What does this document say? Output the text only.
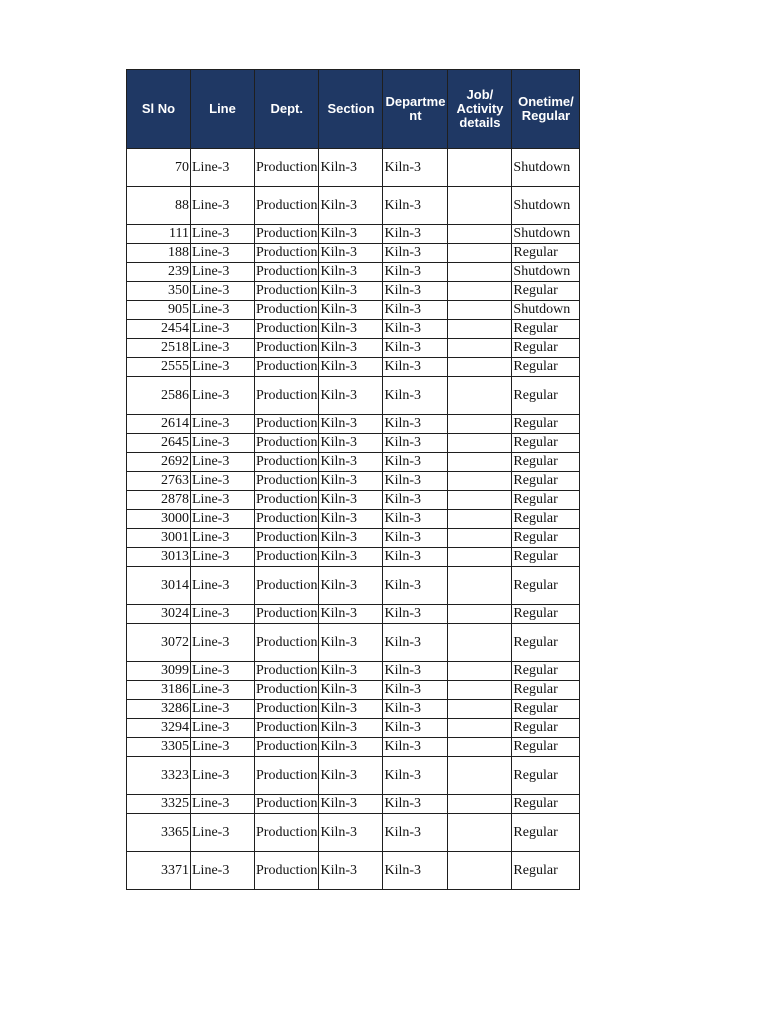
Sl No	Line	Dept.	Section	Departme nt	Job/ Activity details	Onetime/ Regular
70	Line-3	Production	Kiln-3	Kiln-3		Shutdown
88	Line-3	Production	Kiln-3	Kiln-3		Shutdown
111	Line-3	Production	Kiln-3	Kiln-3		Shutdown
188	Line-3	Production	Kiln-3	Kiln-3		Regular
239	Line-3	Production	Kiln-3	Kiln-3		Shutdown
350	Line-3	Production	Kiln-3	Kiln-3		Regular
905	Line-3	Production	Kiln-3	Kiln-3		Shutdown
2454	Line-3	Production	Kiln-3	Kiln-3		Regular
2518	Line-3	Production	Kiln-3	Kiln-3		Regular
2555	Line-3	Production	Kiln-3	Kiln-3		Regular
2586	Line-3	Production	Kiln-3	Kiln-3		Regular
2614	Line-3	Production	Kiln-3	Kiln-3		Regular
2645	Line-3	Production	Kiln-3	Kiln-3		Regular
2692	Line-3	Production	Kiln-3	Kiln-3		Regular
2763	Line-3	Production	Kiln-3	Kiln-3		Regular
2878	Line-3	Production	Kiln-3	Kiln-3		Regular
3000	Line-3	Production	Kiln-3	Kiln-3		Regular
3001	Line-3	Production	Kiln-3	Kiln-3		Regular
3013	Line-3	Production	Kiln-3	Kiln-3		Regular
3014	Line-3	Production	Kiln-3	Kiln-3		Regular
3024	Line-3	Production	Kiln-3	Kiln-3		Regular
3072	Line-3	Production	Kiln-3	Kiln-3		Regular
3099	Line-3	Production	Kiln-3	Kiln-3		Regular
3186	Line-3	Production	Kiln-3	Kiln-3		Regular
3286	Line-3	Production	Kiln-3	Kiln-3		Regular
3294	Line-3	Production	Kiln-3	Kiln-3		Regular
3305	Line-3	Production	Kiln-3	Kiln-3		Regular
3323	Line-3	Production	Kiln-3	Kiln-3		Regular
3325	Line-3	Production	Kiln-3	Kiln-3		Regular
3365	Line-3	Production	Kiln-3	Kiln-3		Regular
3371	Line-3	Production	Kiln-3	Kiln-3		Regular
